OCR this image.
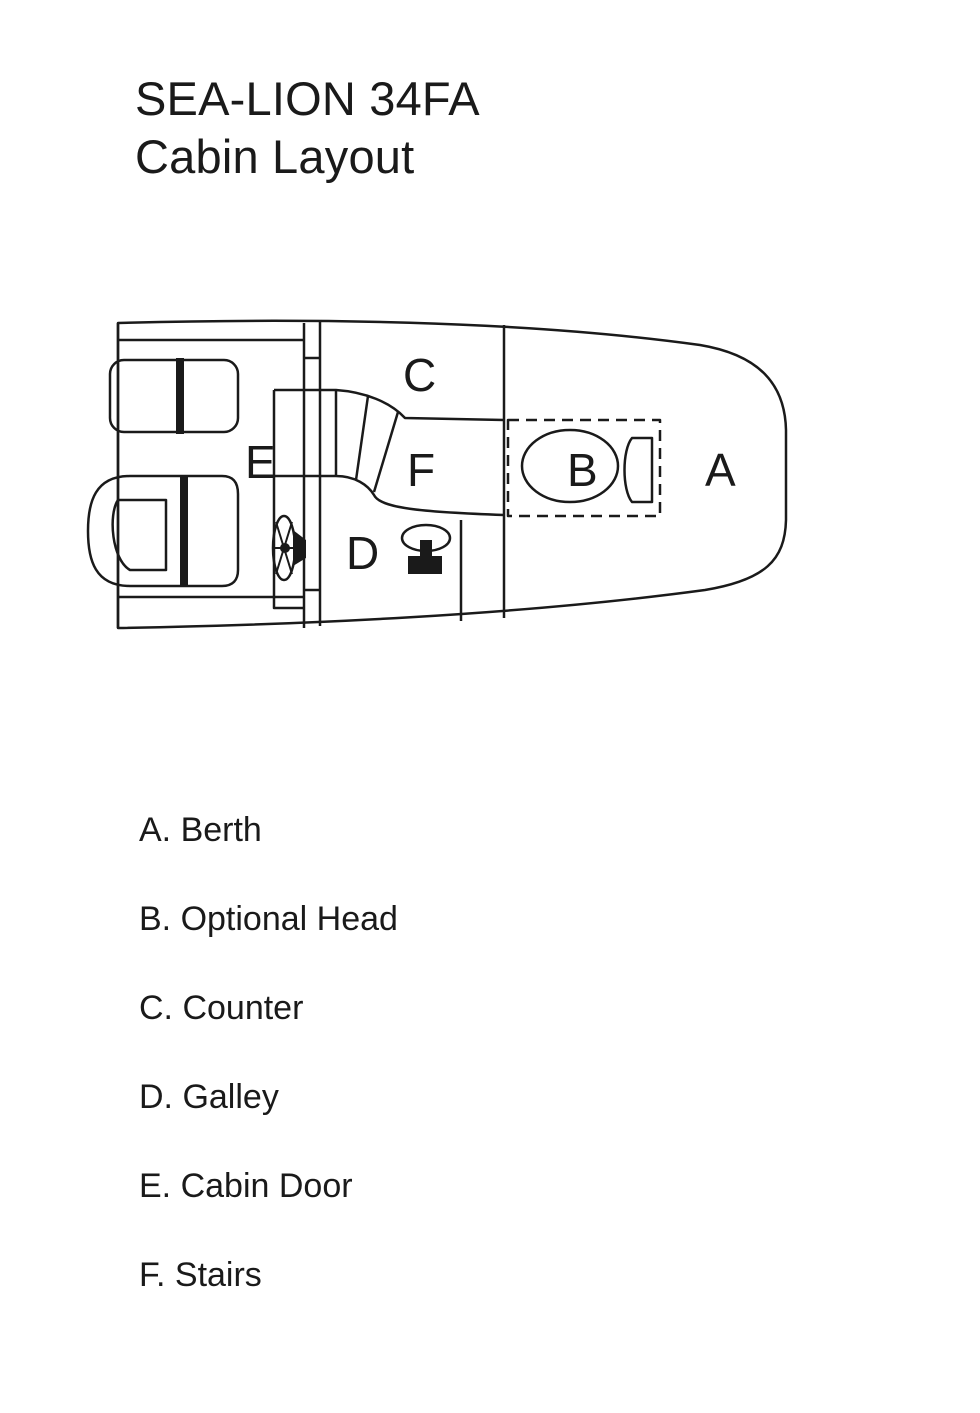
SEA-LION 34FA
Cabin Layout
A
B
C
D
E	F
A. Berth
B. Optional Head
C. Counter
D. Galley
E. Cabin Door
F. Stairs
